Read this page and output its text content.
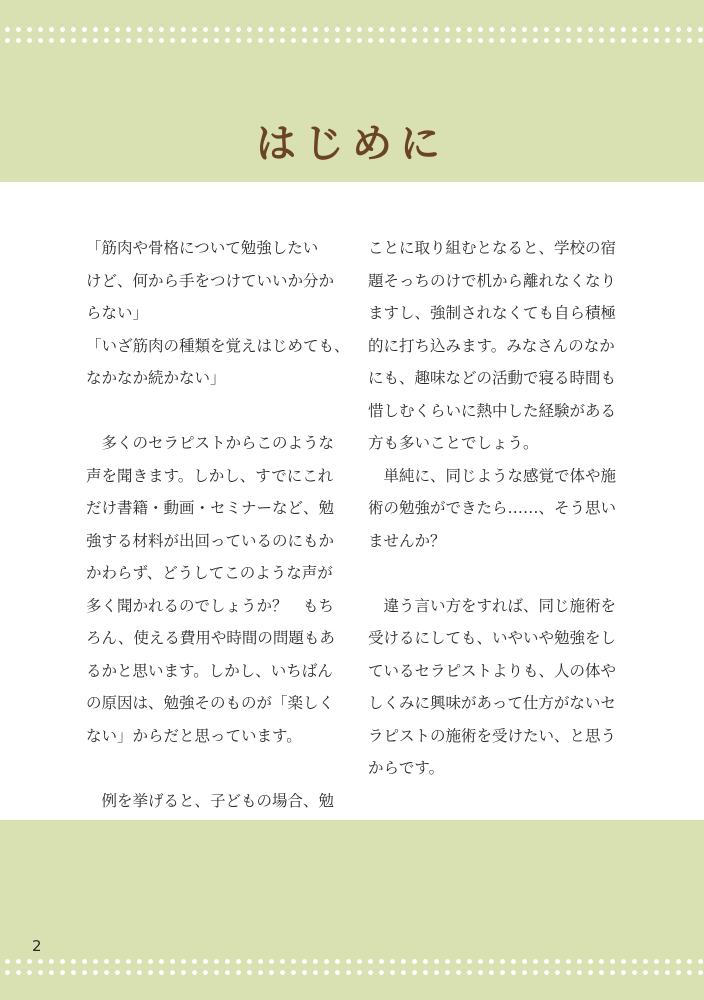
はじめに
「筋肉や骨格について勉強したい
けど、何から手をつけていいか分か
らない」
「いざ筋肉の種類を覚えはじめても、
なかなか続かない」
　多くのセラピストからこのような
声を聞きます。しかし、すでにこれ
だけ書籍・動画・セミナーなど、勉
強する材料が出回っているのにもか
かわらず、どうしてこのような声が
多く聞かれるのでしょうか？　もち
ろん、使える費用や時間の問題もあ
るかと思います。しかし、いちばん
の原因は、勉強そのものが「楽しく
ない」からだと思っています。
　例を挙げると、子どもの場合、勉
ことに取り組むとなると、学校の宿
題そっちのけで机から離れなくなり
ますし、強制されなくても自ら積極
的に打ち込みます。みなさんのなか
にも、趣味などの活動で寝る時間も
惜しむくらいに熱中した経験がある
方も多いことでしょう。
　単純に、同じような感覚で体や施
術の勉強ができたら……、そう思い
ませんか？
　違う言い方をすれば、同じ施術を
受けるにしても、いやいや勉強をし
ているセラピストよりも、人の体や
しくみに興味があって仕方がないセ
ラピストの施術を受けたい、と思う
からです。
2
